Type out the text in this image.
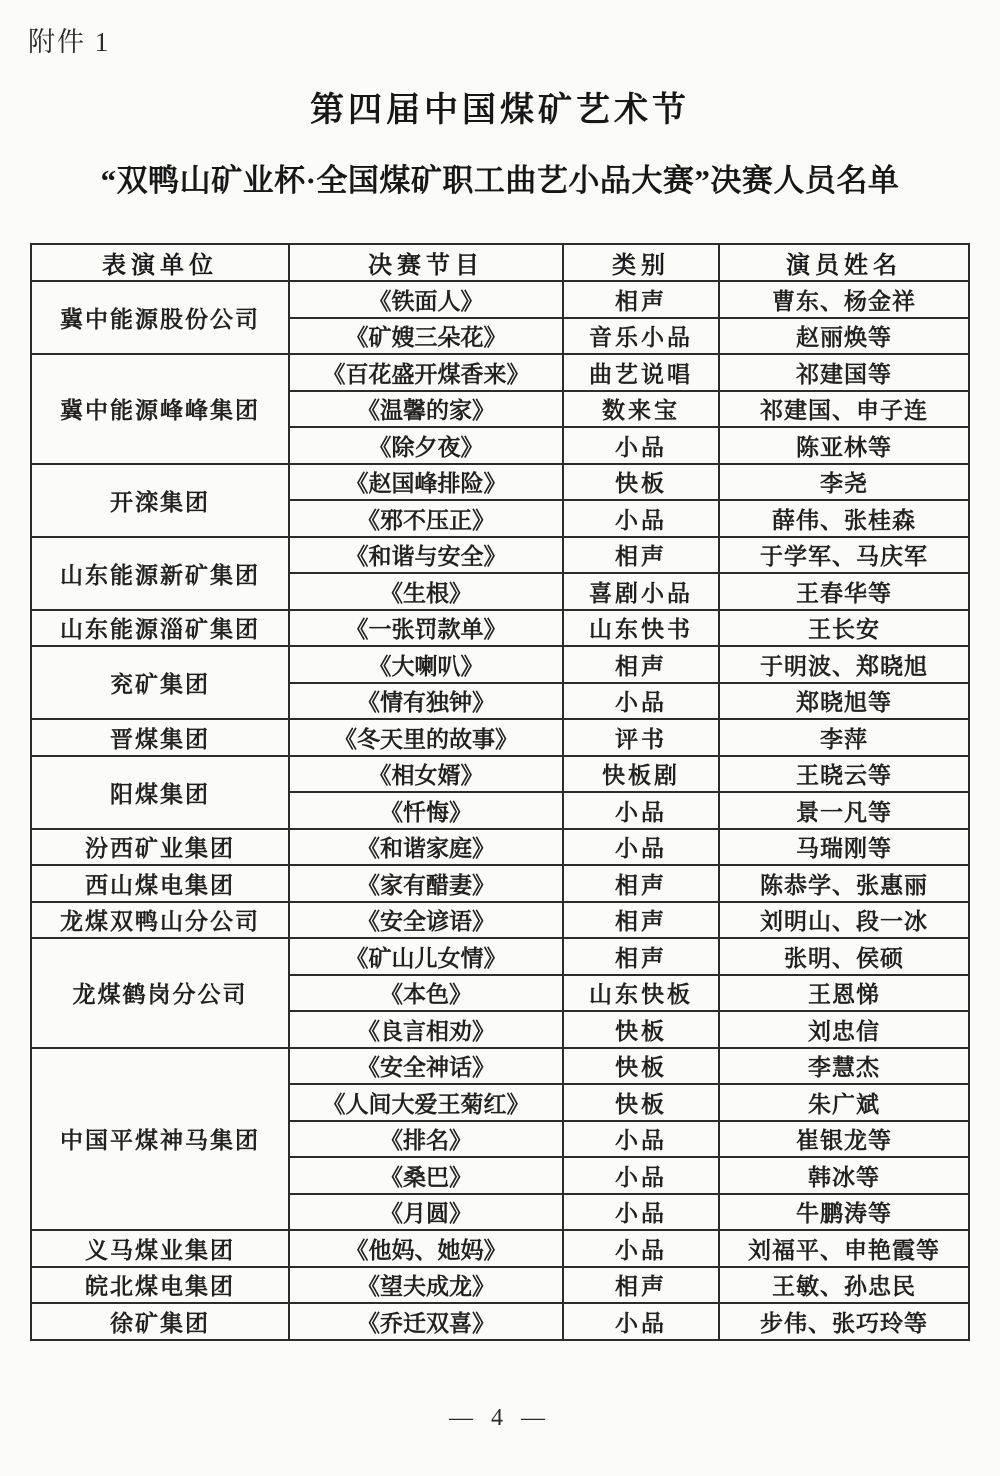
附件 1
第四届中国煤矿艺术节
“双鸭山矿业杯·全国煤矿职工曲艺小品大赛”决赛人员名单
表演单位	决赛节目	类别	演员姓名
冀中能源股份公司	《铁面人》	相声	曹东、杨金祥
	《矿嫂三朵花》	音乐小品	赵丽焕等
冀中能源峰峰集团	《百花盛开煤香来》	曲艺说唱	祁建国等
	《温馨的家》	数来宝	祁建国、申子连
	《除夕夜》	小品	陈亚林等
开滦集团	《赵国峰排险》	快板	李尧
	《邪不压正》	小品	薛伟、张桂森
山东能源新矿集团	《和谐与安全》	相声	于学军、马庆军
	《生根》	喜剧小品	王春华等
山东能源淄矿集团	《一张罚款单》	山东快书	王长安
兖矿集团	《大喇叭》	相声	于明波、郑晓旭
	《情有独钟》	小品	郑晓旭等
晋煤集团	《冬天里的故事》	评书	李萍
阳煤集团	《相女婿》	快板剧	王晓云等
	《忏悔》	小品	景一凡等
汾西矿业集团	《和谐家庭》	小品	马瑞刚等
西山煤电集团	《家有醋妻》	相声	陈恭学、张惠丽
龙煤双鸭山分公司	《安全谚语》	相声	刘明山、段一冰
龙煤鹤岗分公司	《矿山儿女情》	相声	张明、侯硕
	《本色》	山东快板	王恩悌
	《良言相劝》	快板	刘忠信
中国平煤神马集团	《安全神话》	快板	李慧杰
	《人间大爱王菊红》	快板	朱广斌
	《排名》	小品	崔银龙等
	《桑巴》	小品	韩冰等
	《月圆》	小品	牛鹏涛等
义马煤业集团	《他妈、她妈》	小品	刘福平、申艳霞等
皖北煤电集团	《望夫成龙》	相声	王敏、孙忠民
徐矿集团	《乔迁双喜》	小品	步伟、张巧玲等
— 4 —
